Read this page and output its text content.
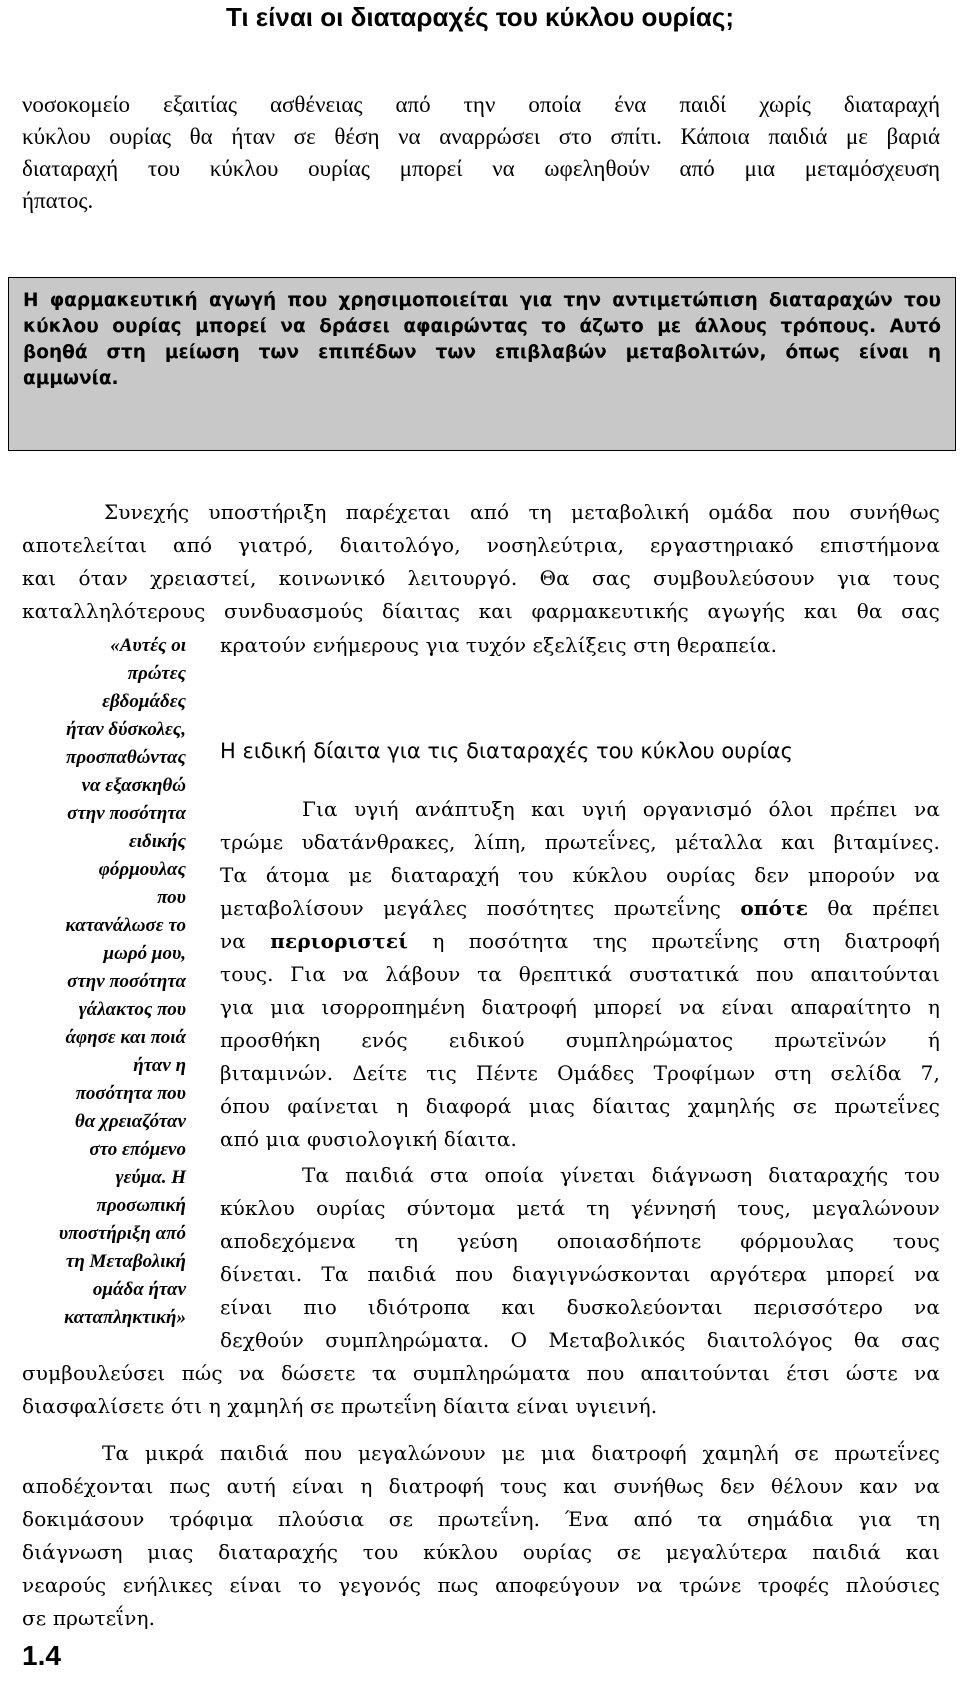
Τι είναι οι διαταραχές του κύκλου ουρίας;
νοσοκομείο εξαιτίας ασθένειας από την οποία ένα παιδί χωρίς διαταραχή
κύκλου ουρίας θα ήταν σε θέση να αναρρώσει στο σπίτι. Κάποια παιδιά με βαριά
διαταραχή του κύκλου ουρίας μπορεί να ωφεληθούν από μια μεταμόσχευση
ήπατος.
Η φαρμακευτική αγωγή που χρησιμοποιείται για την αντιμετώπιση διαταραχών του
κύκλου ουρίας μπορεί να δράσει αφαιρώντας το άζωτο με άλλους τρόπους. Αυτό
βοηθά στη μείωση των επιπέδων των επιβλαβών μεταβολιτών, όπως είναι η
αμμωνία.
Συνεχής υποστήριξη παρέχεται από τη μεταβολική ομάδα που συνήθως
αποτελείται από γιατρό, διαιτολόγο, νοσηλεύτρια, εργαστηριακό επιστήμονα
και όταν χρειαστεί, κοινωνικό λειτουργό. Θα σας συμβουλεύσουν για τους
καταλληλότερους συνδυασμούς δίαιτας και φαρμακευτικής αγωγής και θα σας
κρατούν ενήμερους για τυχόν εξελίξεις στη θεραπεία.
«Αυτές οι
πρώτες
εβδομάδες
ήταν δύσκολες,
προσπαθώντας
να εξασκηθώ
στην ποσότητα
ειδικής
φόρμουλας
που
κατανάλωσε το
μωρό μου,
στην ποσότητα
γάλακτος που
άφησε και ποιά
ήταν η
ποσότητα που
θα χρειαζόταν
στο επόμενο
γεύμα. Η
προσωπική
υποστήριξη από
τη Μεταβολική
ομάδα ήταν
καταπληκτική»
Η ειδική δίαιτα για τις διαταραχές του κύκλου ουρίας
Για υγιή ανάπτυξη και υγιή οργανισμό όλοι πρέπει να
τρώμε υδατάνθρακες, λίπη, πρωτεΐνες, μέταλλα και βιταμίνες.
Τα άτομα με διαταραχή του κύκλου ουρίας δεν μπορούν να
μεταβολίσουν μεγάλες ποσότητες πρωτεΐνης οπότε θα πρέπει
να περιοριστεί η ποσότητα της πρωτεΐνης στη διατροφή
τους. Για να λάβουν τα θρεπτικά συστατικά που απαιτούνται
για μια ισορροπημένη διατροφή μπορεί να είναι απαραίτητο η
προσθήκη ενός ειδικού συμπληρώματος πρωτεϊνών ή
βιταμινών. Δείτε τις Πέντε Ομάδες Τροφίμων στη σελίδα 7,
όπου φαίνεται η διαφορά μιας δίαιτας χαμηλής σε πρωτεΐνες
από μια φυσιολογική δίαιτα.
Τα παιδιά στα οποία γίνεται διάγνωση διαταραχής του
κύκλου ουρίας σύντομα μετά τη γέννησή τους, μεγαλώνουν
αποδεχόμενα τη γεύση οποιασδήποτε φόρμουλας τους
δίνεται. Τα παιδιά που διαγιγνώσκονται αργότερα μπορεί να
είναι πιο ιδιότροπα και δυσκολεύονται περισσότερο να
δεχθούν συμπληρώματα. Ο Μεταβολικός διαιτολόγος θα σας
συμβουλεύσει πώς να δώσετε τα συμπληρώματα που απαιτούνται έτσι ώστε να
διασφαλίσετε ότι η χαμηλή σε πρωτεΐνη δίαιτα είναι υγιεινή.
Τα μικρά παιδιά που μεγαλώνουν με μια διατροφή χαμηλή σε πρωτεΐνες
αποδέχονται πως αυτή είναι η διατροφή τους και συνήθως δεν θέλουν καν να
δοκιμάσουν τρόφιμα πλούσια σε πρωτεΐνη. Ένα από τα σημάδια για τη
διάγνωση μιας διαταραχής του κύκλου ουρίας σε μεγαλύτερα παιδιά και
νεαρούς ενήλικες είναι το γεγονός πως αποφεύγουν να τρώνε τροφές πλούσιες
σε πρωτεΐνη.
1.4
